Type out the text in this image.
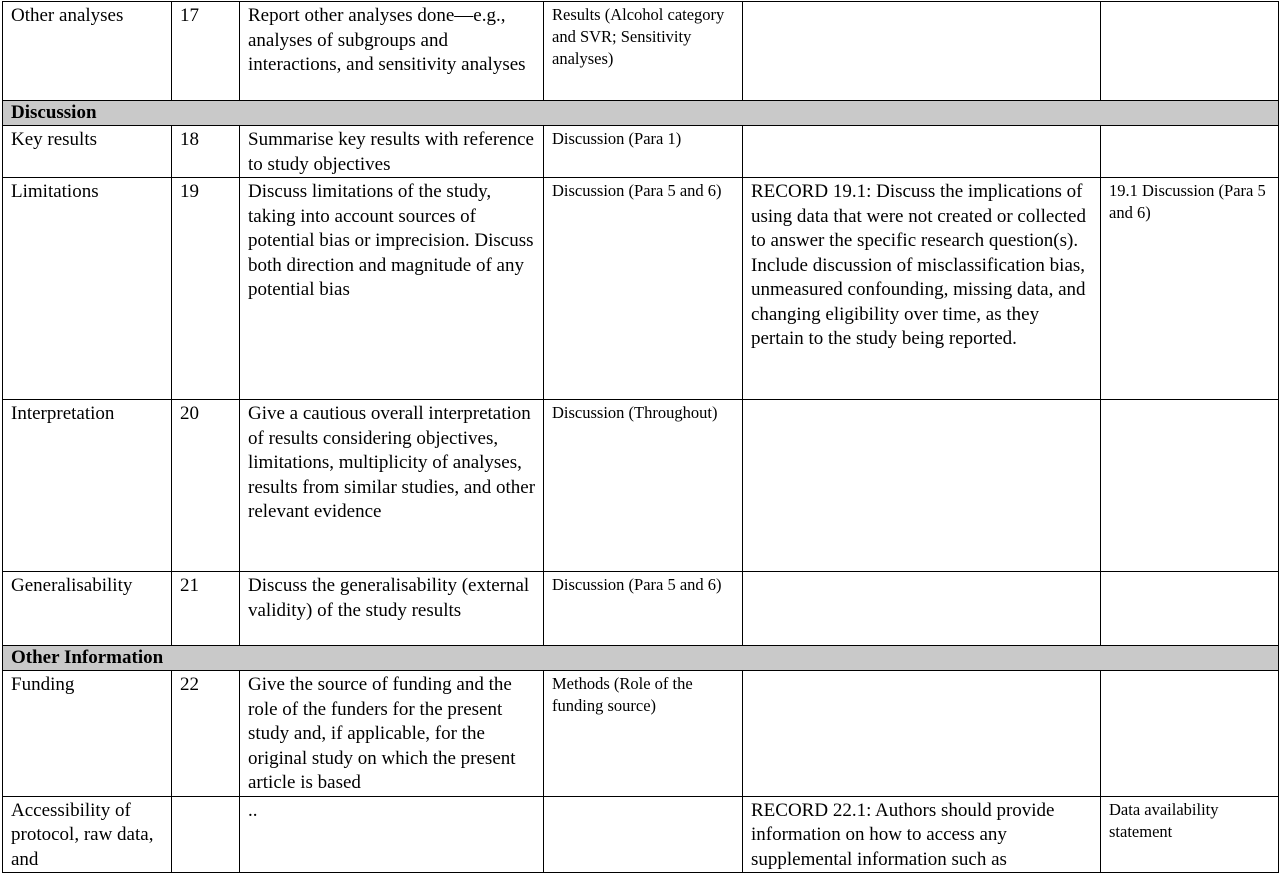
Other analyses	17	Report other analyses done—e.g., analyses of subgroups and interactions, and sensitivity analyses	Results (Alcohol category and SVR; Sensitivity analyses)		

Discussion					

Key results	18	Summarise key results with reference to study objectives	Discussion (Para 1)		

Limitations	19	Discuss limitations of the study, taking into account sources of potential bias or imprecision. Discuss both direction and magnitude of any potential bias	Discussion (Para 5 and 6)	RECORD 19.1: Discuss the implications of using data that were not created or collected to answer the specific research question(s). Include discussion of misclassification bias, unmeasured confounding, missing data, and changing eligibility over time, as they pertain to the study being reported.	19.1 Discussion (Para 5 and 6)

Interpretation	20	Give a cautious overall interpretation of results considering objectives, limitations, multiplicity of analyses, results from similar studies, and other relevant evidence	Discussion (Throughout)		

Generalisability	21	Discuss the generalisability (external validity) of the study results	Discussion (Para 5 and 6)		

Other Information					

Funding	22	Give the source of funding and the role of the funders for the present study and, if applicable, for the original study on which the present article is based	Methods (Role of the funding source)		

Accessibility of protocol, raw data, and		..		RECORD 22.1: Authors should provide information on how to access any supplemental information such as	Data availability statement
